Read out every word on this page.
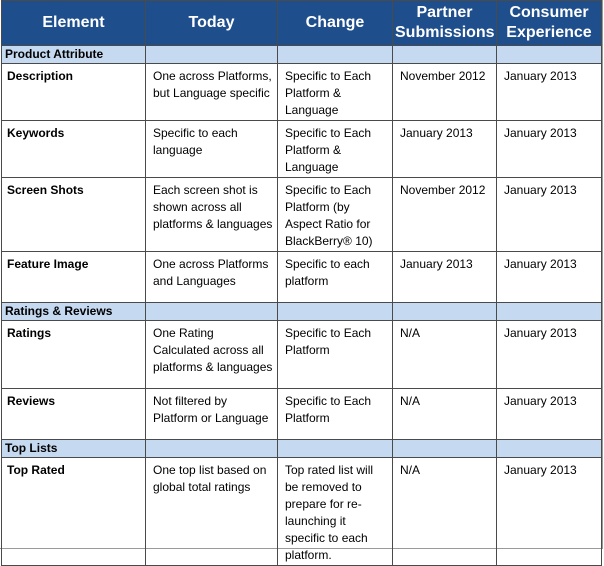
Element	Today	Change	Partner Submissions	Consumer Experience
Product Attribute				
Description	One across Platforms, but Language specific	Specific to Each Platform & Language	November 2012	January 2013
Keywords	Specific to each language	Specific to Each Platform & Language	January 2013	January 2013
Screen Shots	Each screen shot is shown across all platforms & languages	Specific to Each Platform (by Aspect Ratio for BlackBerry® 10)	November 2012	January 2013
Feature Image	One across Platforms and Languages	Specific to each platform	January 2013	January 2013
Ratings & Reviews				
Ratings	One Rating Calculated across all platforms & languages	Specific to Each Platform	N/A	January 2013
Reviews	Not filtered by Platform or Language	Specific to Each Platform	N/A	January 2013
Top Lists				
Top Rated	One top list based on global total ratings	Top rated list will be removed to prepare for re-launching it specific to each platform.	N/A	January 2013
